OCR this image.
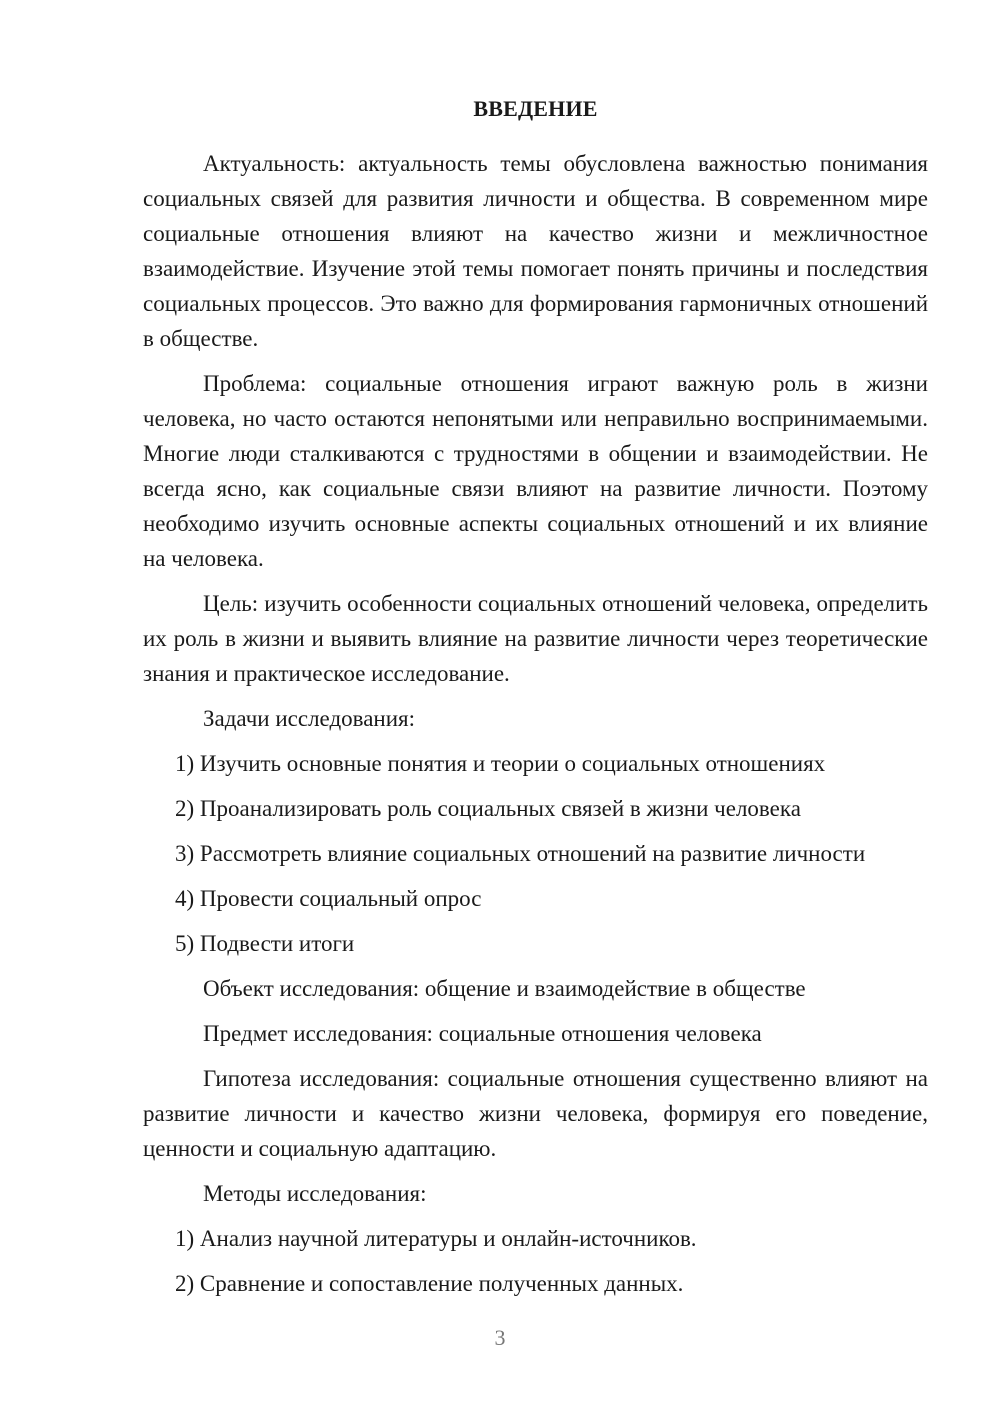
ВВЕДЕНИЕ

Актуальность: актуальность темы обусловлена важностью понимания социальных связей для развития личности и общества. В современном мире социальные отношения влияют на качество жизни и межличностное взаимодействие. Изучение этой темы помогает понять причины и последствия социальных процессов. Это важно для формирования гармоничных отношений в обществе.

Проблема: социальные отношения играют важную роль в жизни человека, но часто остаются непонятыми или неправильно воспринимаемыми. Многие люди сталкиваются с трудностями в общении и взаимодействии. Не всегда ясно, как социальные связи влияют на развитие личности. Поэтому необходимо изучить основные аспекты социальных отношений и их влияние на человека.

Цель: изучить особенности социальных отношений человека, определить их роль в жизни и выявить влияние на развитие личности через теоретические знания и практическое исследование.

Задачи исследования:
1) Изучить основные понятия и теории о социальных отношениях
2) Проанализировать роль социальных связей в жизни человека
3) Рассмотреть влияние социальных отношений на развитие личности
4) Провести социальный опрос
5) Подвести итоги
Объект исследования: общение и взаимодействие в обществе
Предмет исследования: социальные отношения человека

Гипотеза исследования: социальные отношения существенно влияют на развитие личности и качество жизни человека, формируя его поведение, ценности и социальную адаптацию.

Методы исследования:
1) Анализ научной литературы и онлайн-источников.
2) Сравнение и сопоставление полученных данных.
3
